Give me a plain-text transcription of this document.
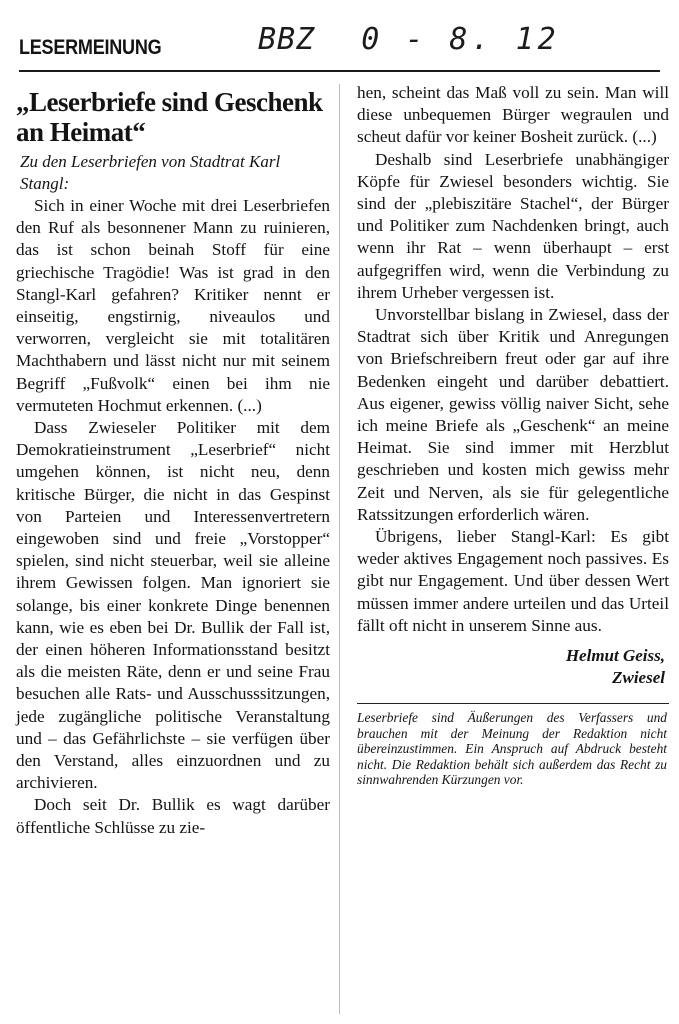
LESERMEINUNG	BBZ 0 - 8. 12
„Leserbriefe sind Geschenk an Heimat“
Zu den Leserbriefen von Stadtrat Karl Stangl:

Sich in einer Woche mit drei Leserbriefen den Ruf als besonnener Mann zu ruinieren, das ist schon beinah Stoff für eine griechische Tragödie! Was ist grad in den Stangl-Karl gefahren? Kritiker nennt er einseitig, engstirnig, niveaulos und verworren, vergleicht sie mit totalitären Machthabern und lässt nicht nur mit seinem Begriff „Fußvolk“ einen bei ihm nie vermuteten Hochmut erkennen. (...)

Dass Zwieseler Politiker mit dem Demokratieinstrument „Leserbrief“ nicht umgehen können, ist nicht neu, denn kritische Bürger, die nicht in das Gespinst von Parteien und Interessenvertretern eingewoben sind und freie „Vorstopper“ spielen, sind nicht steuerbar, weil sie alleine ihrem Gewissen folgen. Man ignoriert sie solange, bis einer konkrete Dinge benennen kann, wie es eben bei Dr. Bullik der Fall ist, der einen höheren Informationsstand besitzt als die meisten Räte, denn er und seine Frau besuchen alle Rats- und Ausschusssitzungen, jede zugängliche politische Veranstaltung und – das Gefährlichste – sie verfügen über den Verstand, alles einzuordnen und zu archivieren.

Doch seit Dr. Bullik es wagt darüber öffentliche Schlüsse zu zie-

hen, scheint das Maß voll zu sein. Man will diese unbequemen Bürger wegraulen und scheut dafür vor keiner Bosheit zurück. (...)

Deshalb sind Leserbriefe unabhängiger Köpfe für Zwiesel besonders wichtig. Sie sind der „plebiszitäre Stachel“, der Bürger und Politiker zum Nachdenken bringt, auch wenn ihr Rat – wenn überhaupt – erst aufgegriffen wird, wenn die Verbindung zu ihrem Urheber vergessen ist.

Unvorstellbar bislang in Zwiesel, dass der Stadtrat sich über Kritik und Anregungen von Briefschreibern freut oder gar auf ihre Bedenken eingeht und darüber debattiert. Aus eigener, gewiss völlig naiver Sicht, sehe ich meine Briefe als „Geschenk“ an meine Heimat. Sie sind immer mit Herzblut geschrieben und kosten mich gewiss mehr Zeit und Nerven, als sie für gelegentliche Ratssitzungen erforderlich wären.

Übrigens, lieber Stangl-Karl: Es gibt weder aktives Engagement noch passives. Es gibt nur Engagement. Und über dessen Wert müssen immer andere urteilen und das Urteil fällt oft nicht in unserem Sinne aus.

Helmut Geiss,
Zwiesel
Leserbriefe sind Äußerungen des Verfassers und brauchen mit der Meinung der Redaktion nicht übereinzustimmen. Ein Anspruch auf Abdruck besteht nicht. Die Redaktion behält sich außerdem das Recht zu sinnwahrenden Kürzungen vor.
